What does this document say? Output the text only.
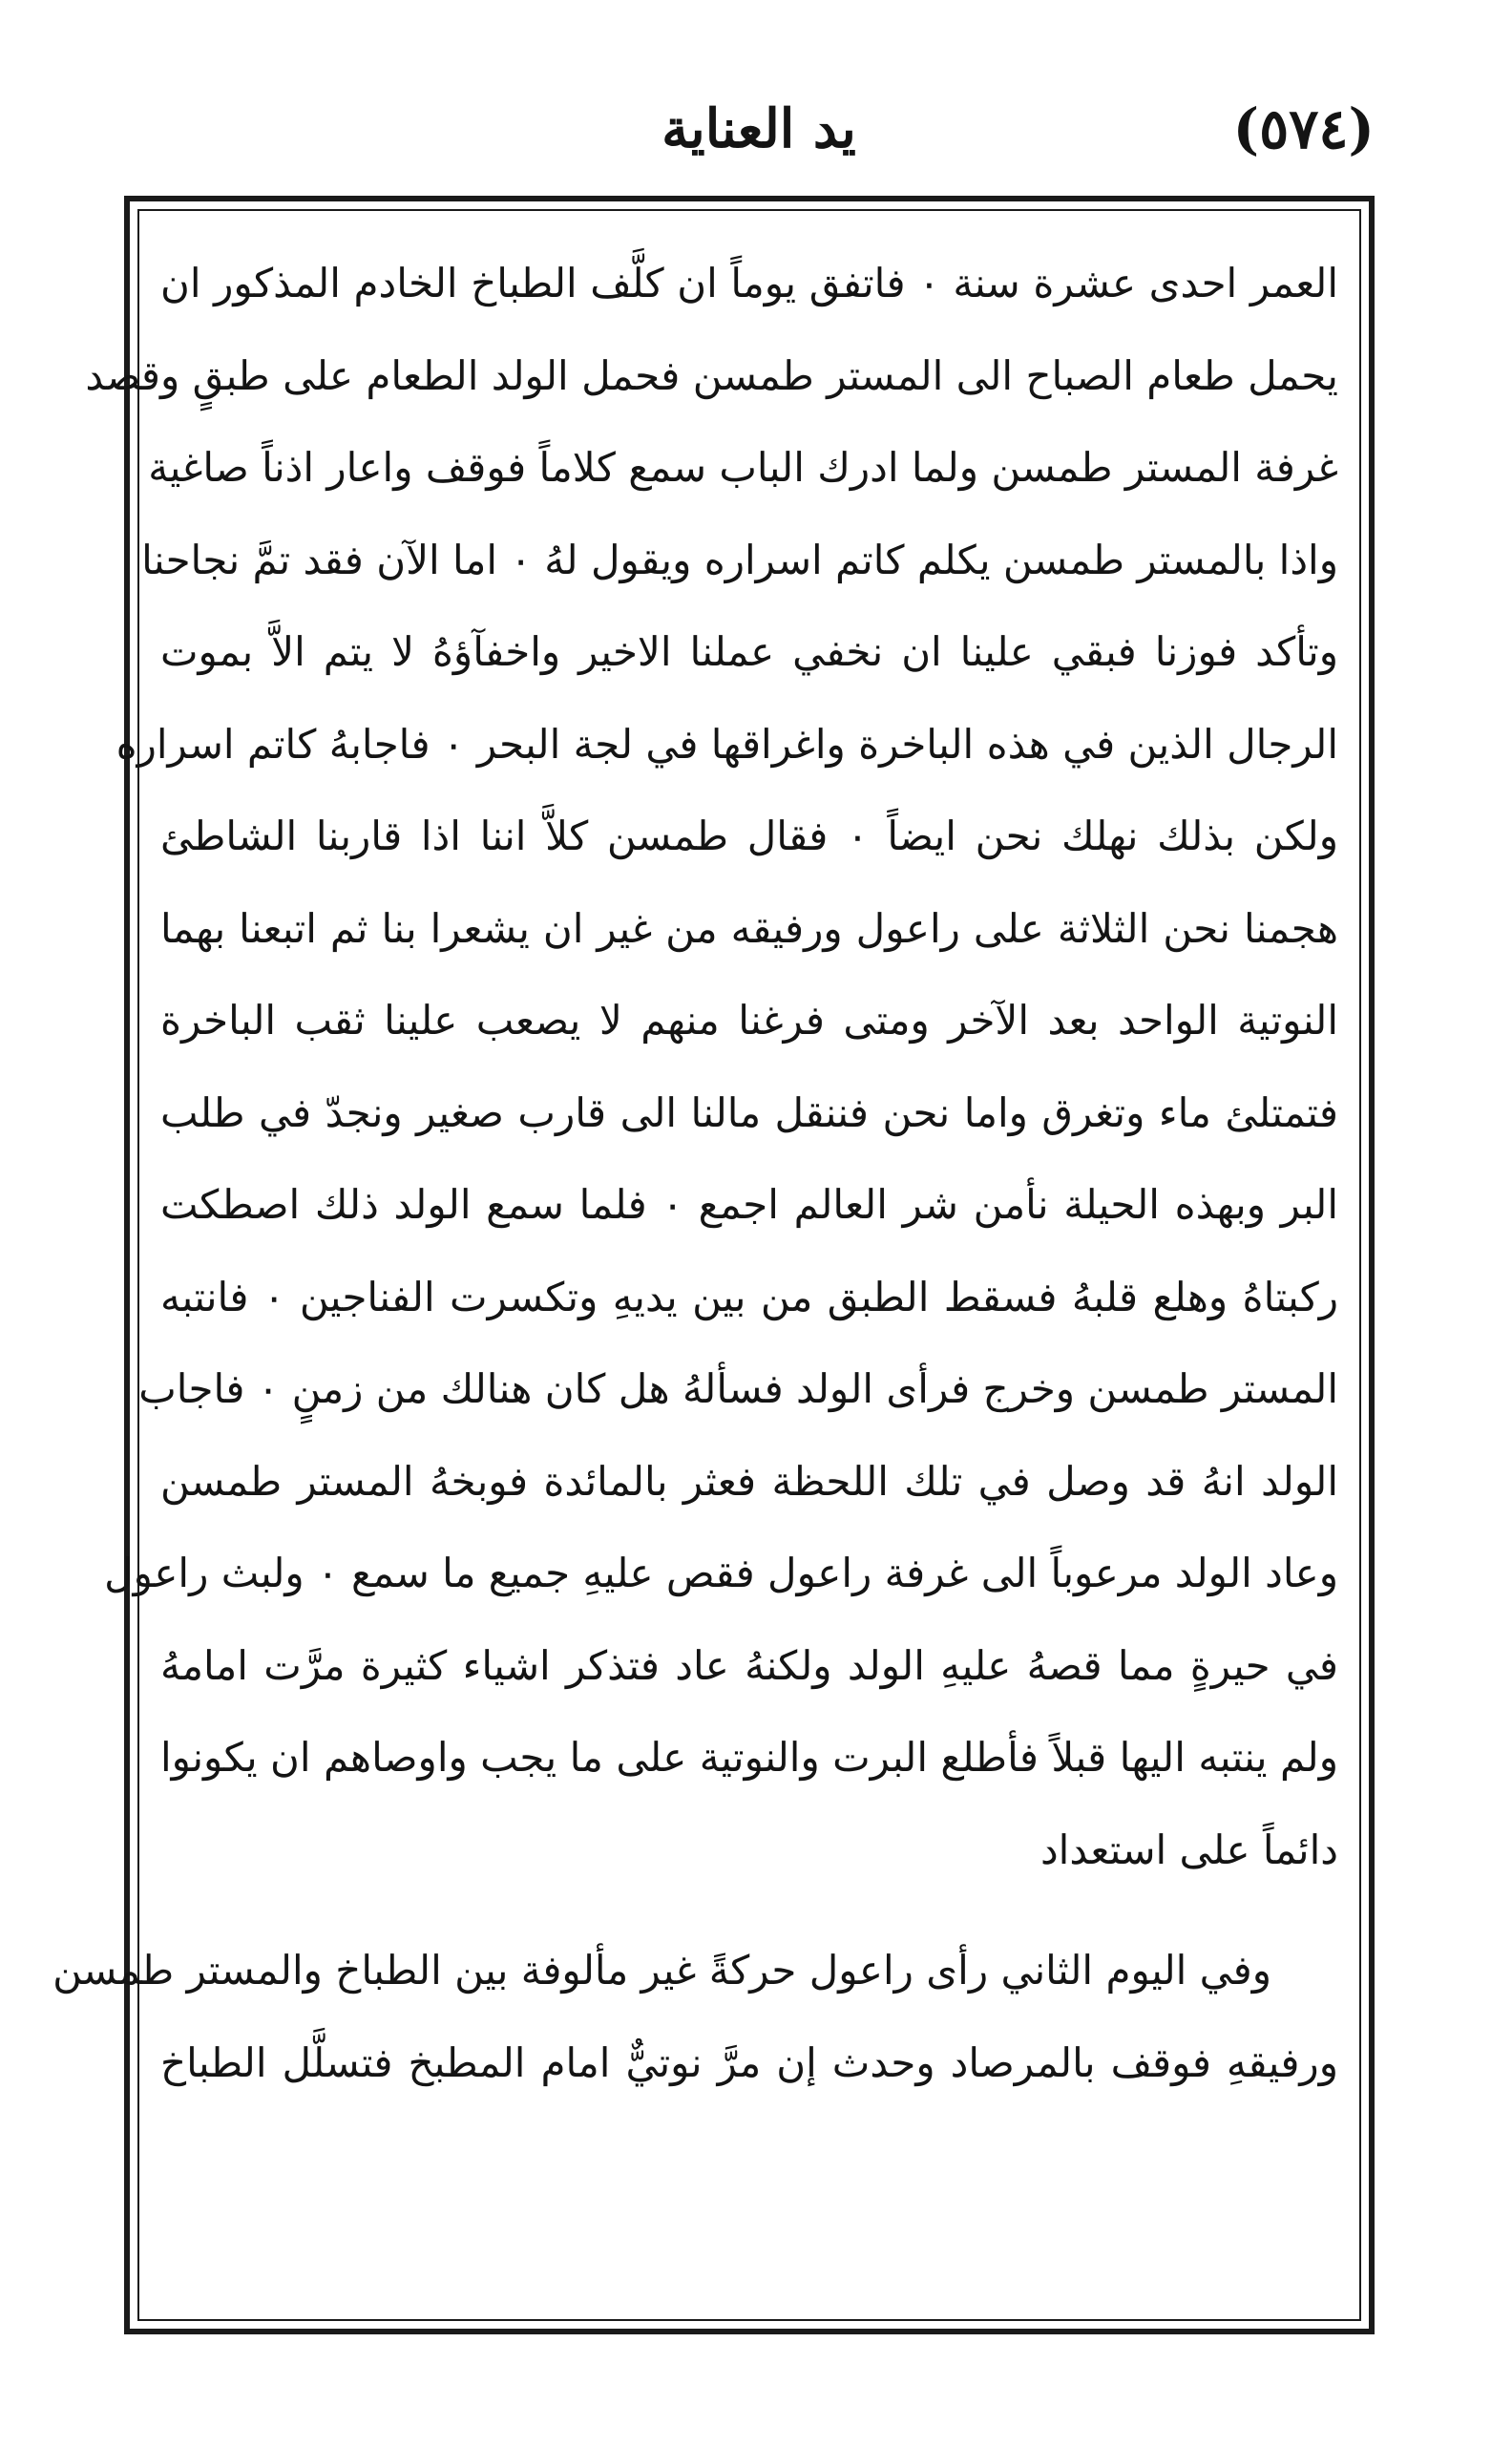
(٥٧٤)
يد العناية
العمر احدى عشرة سنة ٠ فاتفق يوماً ان كلَّف الطباخ الخادم المذكور ان
يحمل طعام الصباح الى المستر طمسن فحمل الولد الطعام على طبقٍ وقصد
غرفة المستر طمسن ولما ادرك الباب سمع كلاماً فوقف واعار اذناً صاغية
واذا بالمستر طمسن يكلم كاتم اسراره ويقول لهُ ٠ اما الآن فقد تمَّ نجاحنا
وتأكد فوزنا فبقي علينا ان نخفي عملنا الاخير واخفآؤهُ لا يتم الاَّ بموت
الرجال الذين في هذه الباخرة واغراقها في لجة البحر ٠ فاجابهُ كاتم اسراره
ولكن بذلك نهلك نحن ايضاً ٠ فقال طمسن كلاَّ اننا اذا قاربنا الشاطئ
هجمنا نحن الثلاثة على راعول ورفيقه من غير ان يشعرا بنا ثم اتبعنا بهما
النوتية الواحد بعد الآخر ومتى فرغنا منهم لا يصعب علينا ثقب الباخرة
فتمتلئ ماء وتغرق واما نحن فننقل مالنا الى قارب صغير ونجدّ في طلب
البر وبهذه الحيلة نأمن شر العالم اجمع ٠ فلما سمع الولد ذلك اصطكت
ركبتاهُ وهلع قلبهُ فسقط الطبق من بين يديهِ وتكسرت الفناجين ٠ فانتبه
المستر طمسن وخرج فرأى الولد فسألهُ هل كان هنالك من زمنٍ ٠ فاجاب
الولد انهُ قد وصل في تلك اللحظة فعثر بالمائدة فوبخهُ المستر طمسن
وعاد الولد مرعوباً الى غرفة راعول فقص عليهِ جميع ما سمع ٠ ولبث راعول
في حيرةٍ مما قصهُ عليهِ الولد ولكنهُ عاد فتذكر اشياء كثيرة مرَّت امامهُ
ولم ينتبه اليها قبلاً فأطلع البرت والنوتية على ما يجب واوصاهم ان يكونوا
دائماً على استعداد
وفي اليوم الثاني رأى راعول حركةً غير مألوفة بين الطباخ والمستر طمسن
ورفيقهِ فوقف بالمرصاد وحدث إن مرَّ نوتيٌّ امام المطبخ فتسلَّل الطباخ
